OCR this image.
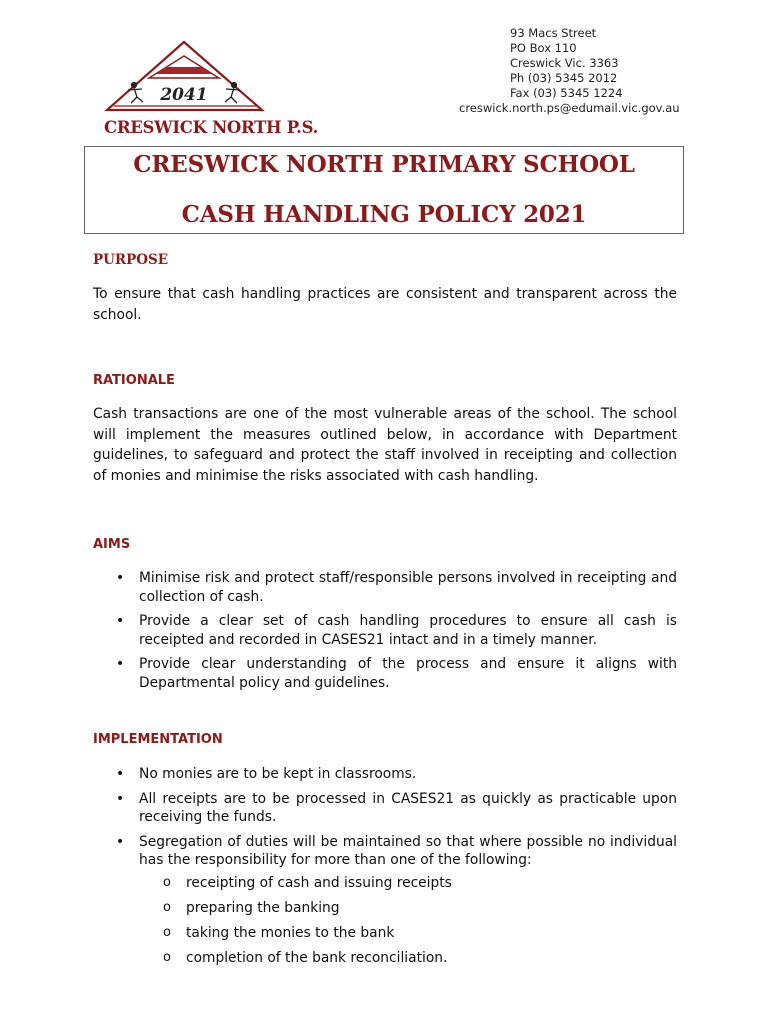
2041
CRESWICK NORTH P.S.
93 Macs Street
PO Box 110
Creswick Vic. 3363
Ph (03) 5345 2012
Fax (03) 5345 1224
creswick.north.ps@edumail.vic.gov.au
CRESWICK NORTH PRIMARY SCHOOL
CASH HANDLING POLICY 2021
PURPOSE

To ensure that cash handling practices are consistent and transparent across the school.

RATIONALE

Cash transactions are one of the most vulnerable areas of the school. The school will implement the measures outlined below, in accordance with Department guidelines, to safeguard and protect the staff involved in receipting and collection of monies and minimise the risks associated with cash handling.

AIMS
• Minimise risk and protect staff/responsible persons involved in receipting and collection of cash.
• Provide a clear set of cash handling procedures to ensure all cash is receipted and recorded in CASES21 intact and in a timely manner.
• Provide clear understanding of the process and ensure it aligns with Departmental policy and guidelines.
IMPLEMENTATION
• No monies are to be kept in classrooms.
• All receipts are to be processed in CASES21 as quickly as practicable upon receiving the funds.
• Segregation of duties will be maintained so that where possible no individual has the responsibility for more than one of the following:
o receipting of cash and issuing receipts
o preparing the banking
o taking the monies to the bank
o completion of the bank reconciliation.
